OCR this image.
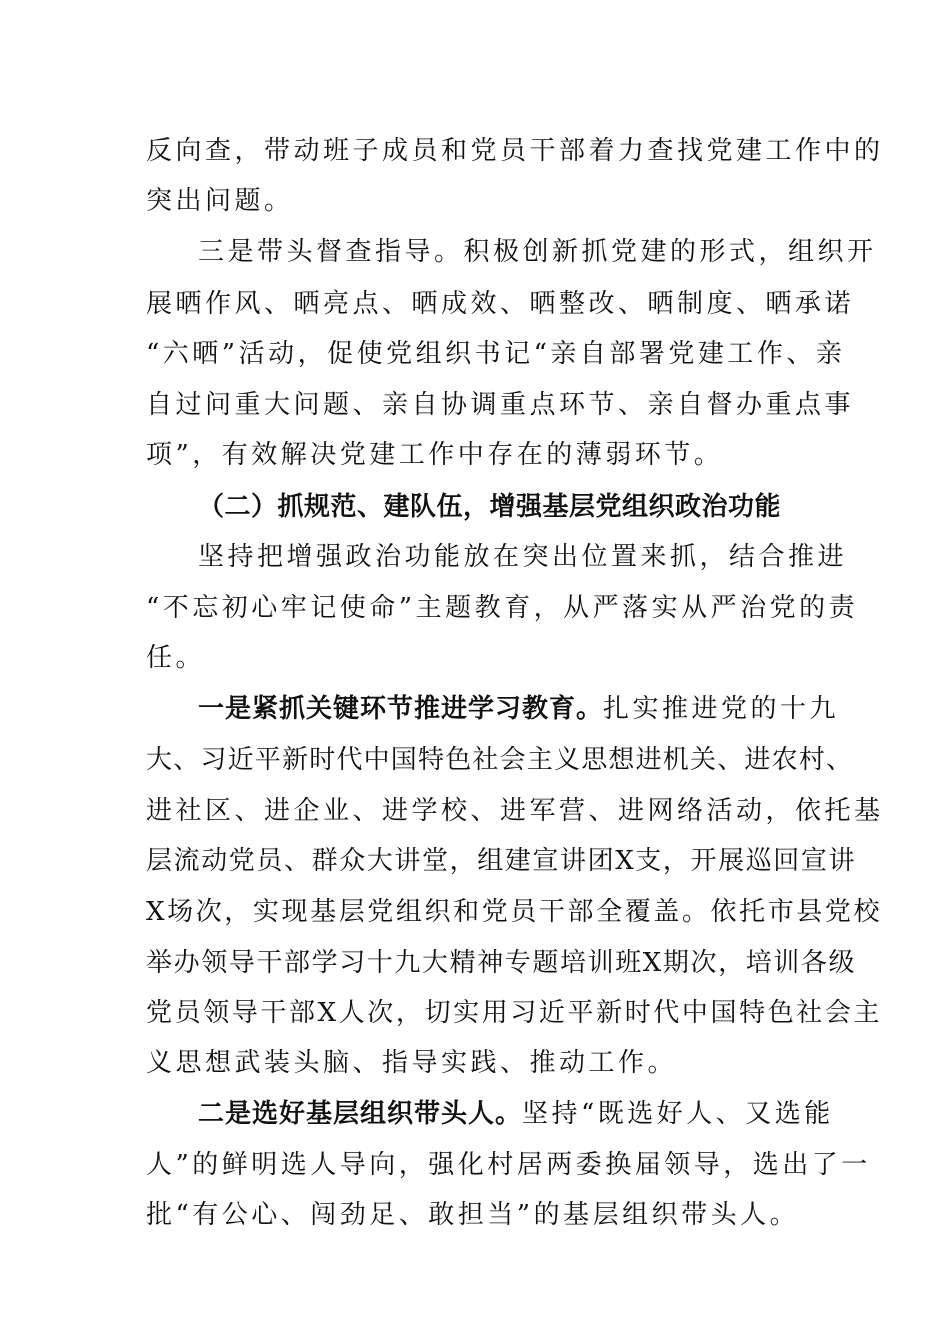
反向查，带动班子成员和党员干部着力查找党建工作中的
突出问题。
三是带头督查指导。积极创新抓党建的形式，组织开
展晒作风、晒亮点、晒成效、晒整改、晒制度、晒承诺
“六晒”活动，促使党组织书记“亲自部署党建工作、亲
自过问重大问题、亲自协调重点环节、亲自督办重点事
项”，有效解决党建工作中存在的薄弱环节。
（二）抓规范、建队伍，增强基层党组织政治功能
坚持把增强政治功能放在突出位置来抓，结合推进
“不忘初心牢记使命”主题教育，从严落实从严治党的责
任。
一是紧抓关键环节推进学习教育。扎实推进党的十九
大、习近平新时代中国特色社会主义思想进机关、进农村、
进社区、进企业、进学校、进军营、进网络活动，依托基
层流动党员、群众大讲堂，组建宣讲团X支，开展巡回宣讲
X场次，实现基层党组织和党员干部全覆盖。依托市县党校
举办领导干部学习十九大精神专题培训班X期次，培训各级
党员领导干部X人次，切实用习近平新时代中国特色社会主
义思想武装头脑、指导实践、推动工作。
二是选好基层组织带头人。坚持“既选好人、又选能
人”的鲜明选人导向，强化村居两委换届领导，选出了一
批“有公心、闯劲足、敢担当”的基层组织带头人。
